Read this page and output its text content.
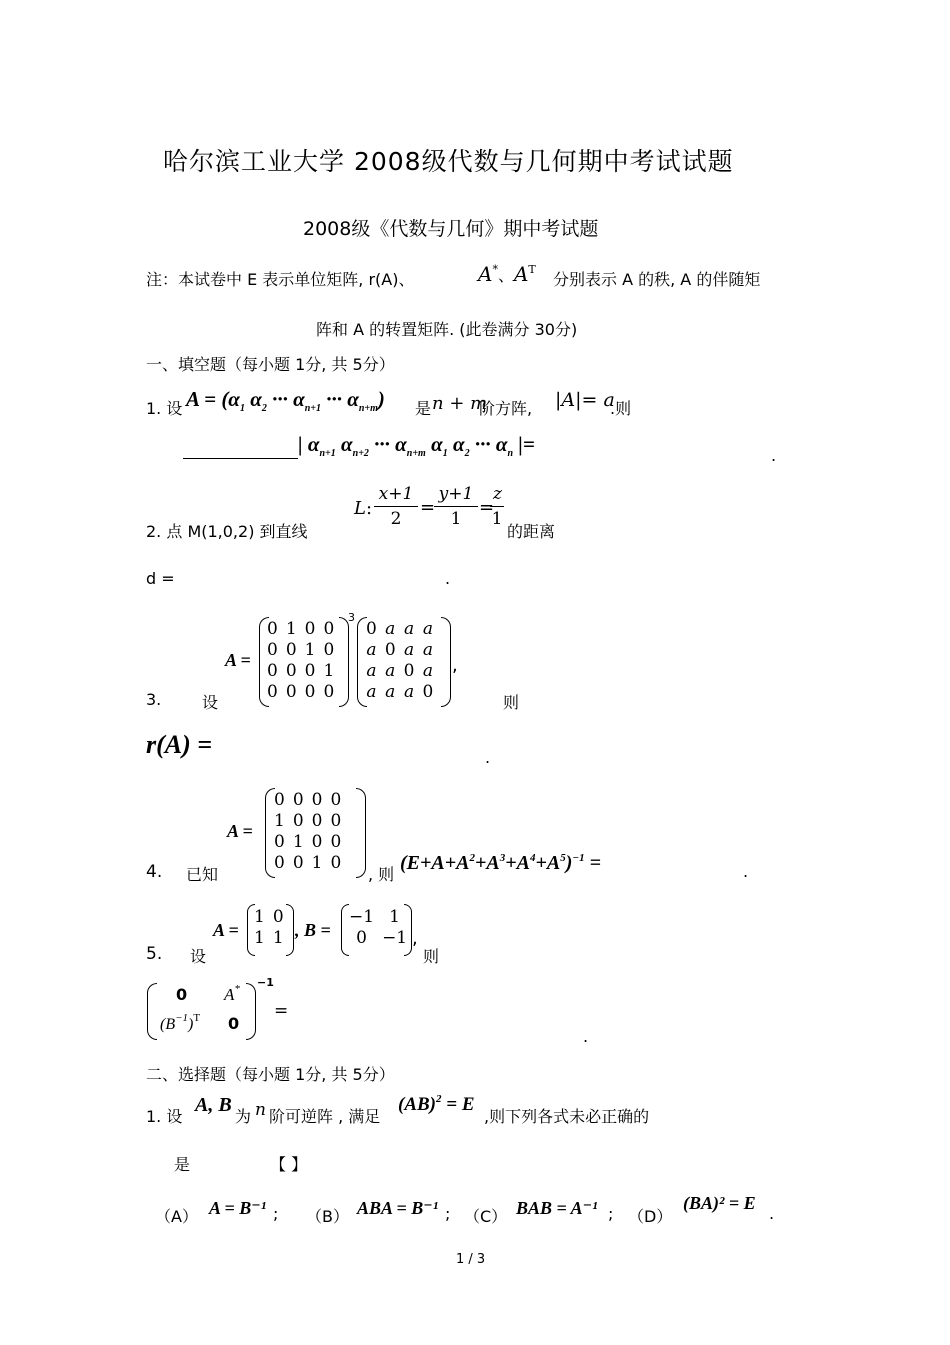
哈尔滨工业大学 2008级代数与几何期中考试试题
2008级《代数与几何》期中考试题
注：本试卷中 E 表示单位矩阵, r(A)、	A*、$A^T$
分别表示 A 的秩, A 的伴随矩
阵和 A 的转置矩阵. (此卷满分 30分)
一、填空题（每小题 1分, 共 5分）
1. 设 $A = (\alpha_1$ $\alpha_2$ ··· $\alpha_{n+1}$ ··· $\alpha_{n+m}$) 是 n + m
阶方阵, |A|= a
.则
| $\alpha_{n+1}$ $\alpha_{n+2}$ ··· $\alpha_{n+m}$ $\alpha_1$ $\alpha_2$ ··· $\alpha_n$ |=	.
L: $\frac{x+1}{2}$ =
$\frac{y+1}{1}$ =
$\frac{z}{1}$
2. 点 M(1,0,2) 到直线	的距离
d =	.
A =
0	1	0	0
0	0	1	0
0	0	0	1
0	0	0	0
3
0	a	a	a
a	0	a	a
a	a	0	a
a	a	a	0
,
3.	设	则
r(A) =	.
A =
0	0	0	0
1	0	0	0
0	1	0	0
0	0	1	0
4. 已知	, 则
$(E+A+A^2+A^3+A^4+A^5)^{-1}$ =	.
A =
1	0
1	1 , B =
−1	1
0	−1 ,
5. 设	则
0 A*
$(B^{-1})^T$ 0
−1
=
.
二、选择题（每小题 1分, 共 5分）
1. 设
A, B
为 n 阶可逆阵 , 满足
(AB)$^2$ = E
,则下列各式未必正确的
是	【 】
（A） A = B⁻¹ ; （B） ABA = B⁻¹ ; （C） BAB = A⁻¹ ; （D）
(BA)² = E
.
1 / 3
